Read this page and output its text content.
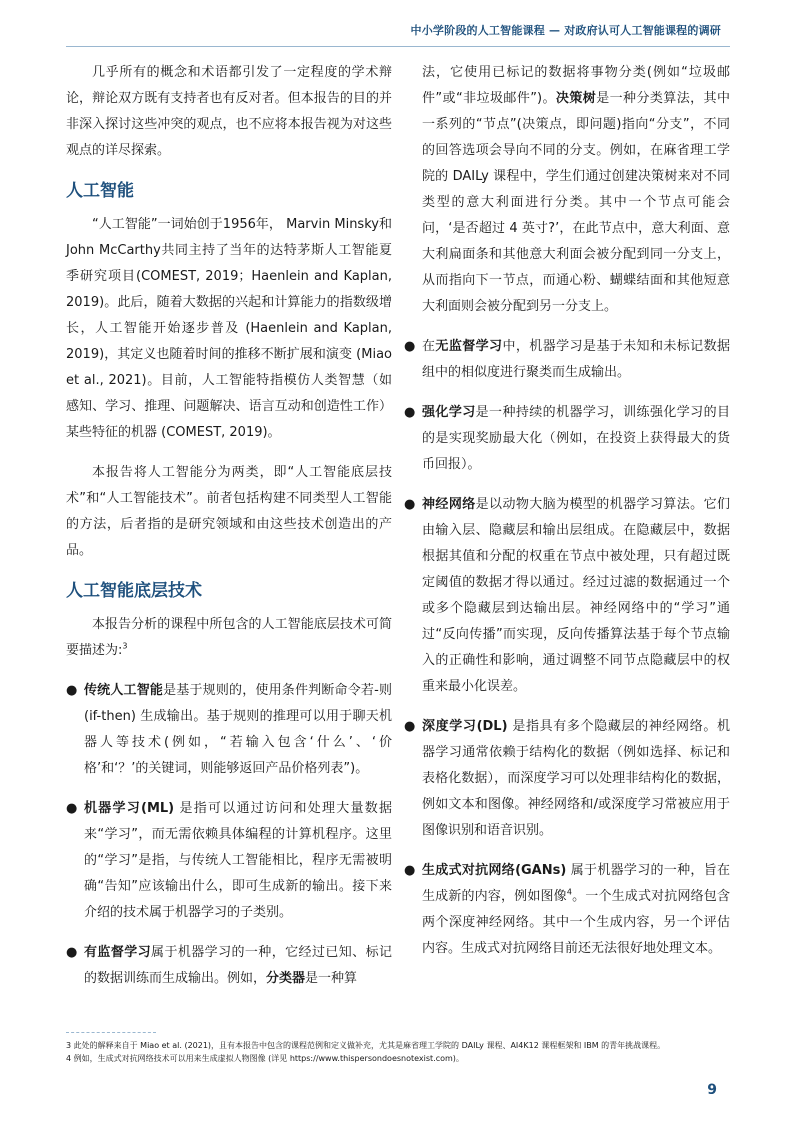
中小学阶段的人工智能课程 — 对政府认可人工智能课程的调研

几乎所有的概念和术语都引发了一定程度的学术辩论，辩论双方既有支持者也有反对者。但本报告的目的并非深入探讨这些冲突的观点，也不应将本报告视为对这些观点的详尽探索。

人工智能

“人工智能”一词始创于1956年， Marvin Minsky和 John McCarthy共同主持了当年的达特茅斯人工智能夏季研究项目(COMEST, 2019；Haenlein and Kaplan, 2019)。此后，随着大数据的兴起和计算能力的指数级增长，人工智能开始逐步普及 (Haenlein and Kaplan, 2019)，其定义也随着时间的推移不断扩展和演变 (Miao et al., 2021)。目前，人工智能特指模仿人类智慧（如感知、学习、推理、问题解决、语言互动和创造性工作）某些特征的机器 (COMEST, 2019)。

本报告将人工智能分为两类，即“人工智能底层技术”和“人工智能技术”。前者包括构建不同类型人工智能的方法，后者指的是研究领域和由这些技术创造出的产品。

人工智能底层技术

本报告分析的课程中所包含的人工智能底层技术可简要描述为:$^3$

● 传统人工智能是基于规则的，使用条件判断命令若-则 (if-then) 生成输出。基于规则的推理可以用于聊天机器人等技术(例如，“若输入包含‘什么’、‘价格’和‘？’的关键词，则能够返回产品价格列表”)。
● 机器学习(ML) 是指可以通过访问和处理大量数据来“学习”，而无需依赖具体编程的计算机程序。这里的“学习”是指，与传统人工智能相比，程序无需被明确“告知”应该输出什么，即可生成新的输出。接下来介绍的技术属于机器学习的子类别。
● 有监督学习属于机器学习的一种，它经过已知、标记的数据训练而生成输出。例如，分类器是一种算

法，它使用已标记的数据将事物分类(例如“垃圾邮件”或“非垃圾邮件”)。决策树是一种分类算法，其中一系列的“节点”(决策点，即问题)指向“分支”，不同的回答选项会导向不同的分支。例如，在麻省理工学院的 DAILy 课程中，学生们通过创建决策树来对不同类型的意大利面进行分类。其中一个节点可能会问，‘是否超过 4 英寸?’，在此节点中，意大利面、意大利扁面条和其他意大利面会被分配到同一分支上，从而指向下一节点，而通心粉、蝴蝶结面和其他短意大利面则会被分配到另一分支上。

● 在无监督学习中，机器学习是基于未知和未标记数据组中的相似度进行聚类而生成输出。
● 强化学习是一种持续的机器学习，训练强化学习的目的是实现奖励最大化（例如，在投资上获得最大的货币回报）。
● 神经网络是以动物大脑为模型的机器学习算法。它们由输入层、隐藏层和输出层组成。在隐藏层中，数据根据其值和分配的权重在节点中被处理，只有超过既定阈值的数据才得以通过。经过过滤的数据通过一个或多个隐藏层到达输出层。神经网络中的“学习”通过“反向传播”而实现，反向传播算法基于每个节点输入的正确性和影响，通过调整不同节点隐藏层中的权重来最小化误差。
● 深度学习(DL) 是指具有多个隐藏层的神经网络。机器学习通常依赖于结构化的数据（例如选择、标记和表格化数据），而深度学习可以处理非结构化的数据，例如文本和图像。神经网络和/或深度学习常被应用于图像识别和语音识别。
● 生成式对抗网络(GANs) 属于机器学习的一种，旨在生成新的内容，例如图像$^4$。一个生成式对抗网络包含两个深度神经网络。其中一个生成内容，另一个评估内容。生成式对抗网络目前还无法很好地处理文本。
3 此处的解释来自于 Miao et al. (2021)，且有本报告中包含的课程范例和定义做补充，尤其是麻省理工学院的 DAILy 课程、AI4K12 课程框架和 IBM 的青年挑战课程。
4 例如，生成式对抗网络技术可以用来生成虚拟人物图像 (详见 https://www.thispersondoesnotexist.com)。
9
